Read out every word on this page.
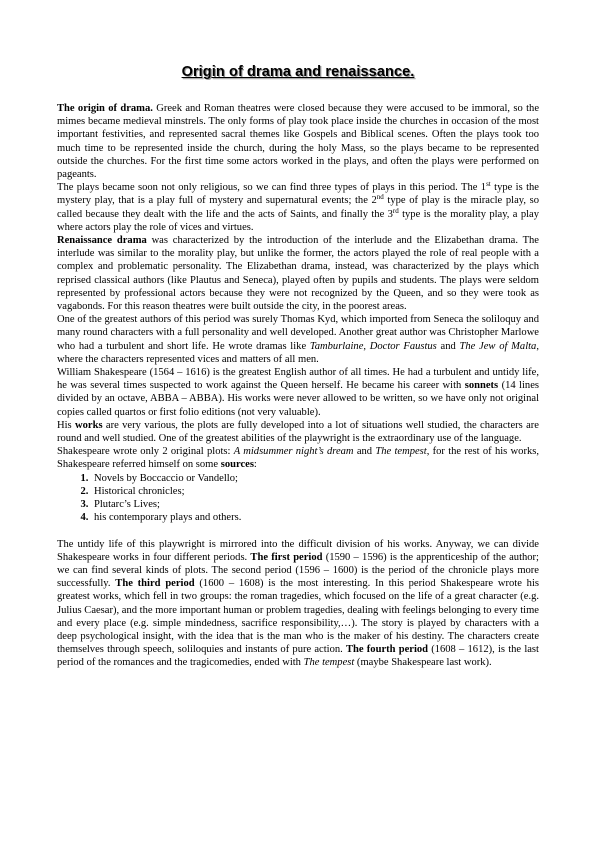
Origin of drama and renaissance.

The origin of drama. Greek and Roman theatres were closed because they were accused to be immoral, so the mimes became medieval minstrels. The only forms of play took place inside the churches in occasion of the most important festivities, and represented sacral themes like Gospels and Biblical scenes. Often the plays took too much time to be represented inside the church, during the holy Mass, so the plays became to be represented outside the churches. For the first time some actors worked in the plays, and often the plays were performed on pageants.

The plays became soon not only religious, so we can find three types of plays in this period. The 1st type is the mystery play, that is a play full of mystery and supernatural events; the 2nd type of play is the miracle play, so called because they dealt with the life and the acts of Saints, and finally the 3rd type is the morality play, a play where actors play the role of vices and virtues.

Renaissance drama was characterized by the introduction of the interlude and the Elizabethan drama. The interlude was similar to the morality play, but unlike the former, the actors played the role of real people with a complex and problematic personality. The Elizabethan drama, instead, was characterized by the plays which reprised classical authors (like Plautus and Seneca), played often by pupils and students. The plays were seldom represented by professional actors because they were not recognized by the Queen, and so they were took as vagabonds. For this reason theatres were built outside the city, in the poorest areas.

One of the greatest authors of this period was surely Thomas Kyd, which imported from Seneca the soliloquy and many round characters with a full personality and well developed. Another great author was Christopher Marlowe who had a turbulent and short life. He wrote dramas like Tamburlaine, Doctor Faustus and The Jew of Malta, where the characters represented vices and matters of all men.

William Shakespeare (1564 – 1616) is the greatest English author of all times. He had a turbulent and untidy life, he was several times suspected to work against the Queen herself. He became his career with sonnets (14 lines divided by an octave, ABBA – ABBA). His works were never allowed to be written, so we have only not original copies called quartos or first folio editions (not very valuable).

His works are very various, the plots are fully developed into a lot of situations well studied, the characters are round and well studied. One of the greatest abilities of the playwright is the extraordinary use of the language.

Shakespeare wrote only 2 original plots: A midsummer night’s dream and The tempest, for the rest of his works, Shakespeare referred himself on some sources:

1. Novels by Boccaccio or Vandello;
2. Historical chronicles;
3. Plutarc’s Lives;
4. his contemporary plays and others.

The untidy life of this playwright is mirrored into the difficult division of his works. Anyway, we can divide Shakespeare works in four different periods. The first period (1590 – 1596) is the apprenticeship of the author; we can find several kinds of plots. The second period (1596 – 1600) is the period of the chronicle plays more successfully. The third period (1600 – 1608) is the most interesting. In this period Shakespeare wrote his greatest works, which fell in two groups: the roman tragedies, which focused on the life of a great character (e.g. Julius Caesar), and the more important human or problem tragedies, dealing with feelings belonging to every time and every place (e.g. simple mindedness, sacrifice responsibility,…). The story is played by characters with a deep psychological insight, with the idea that is the man who is the maker of his destiny. The characters create themselves through speech, soliloquies and instants of pure action. The fourth period (1608 – 1612), is the last period of the romances and the tragicomedies, ended with The tempest (maybe Shakespeare last work).
